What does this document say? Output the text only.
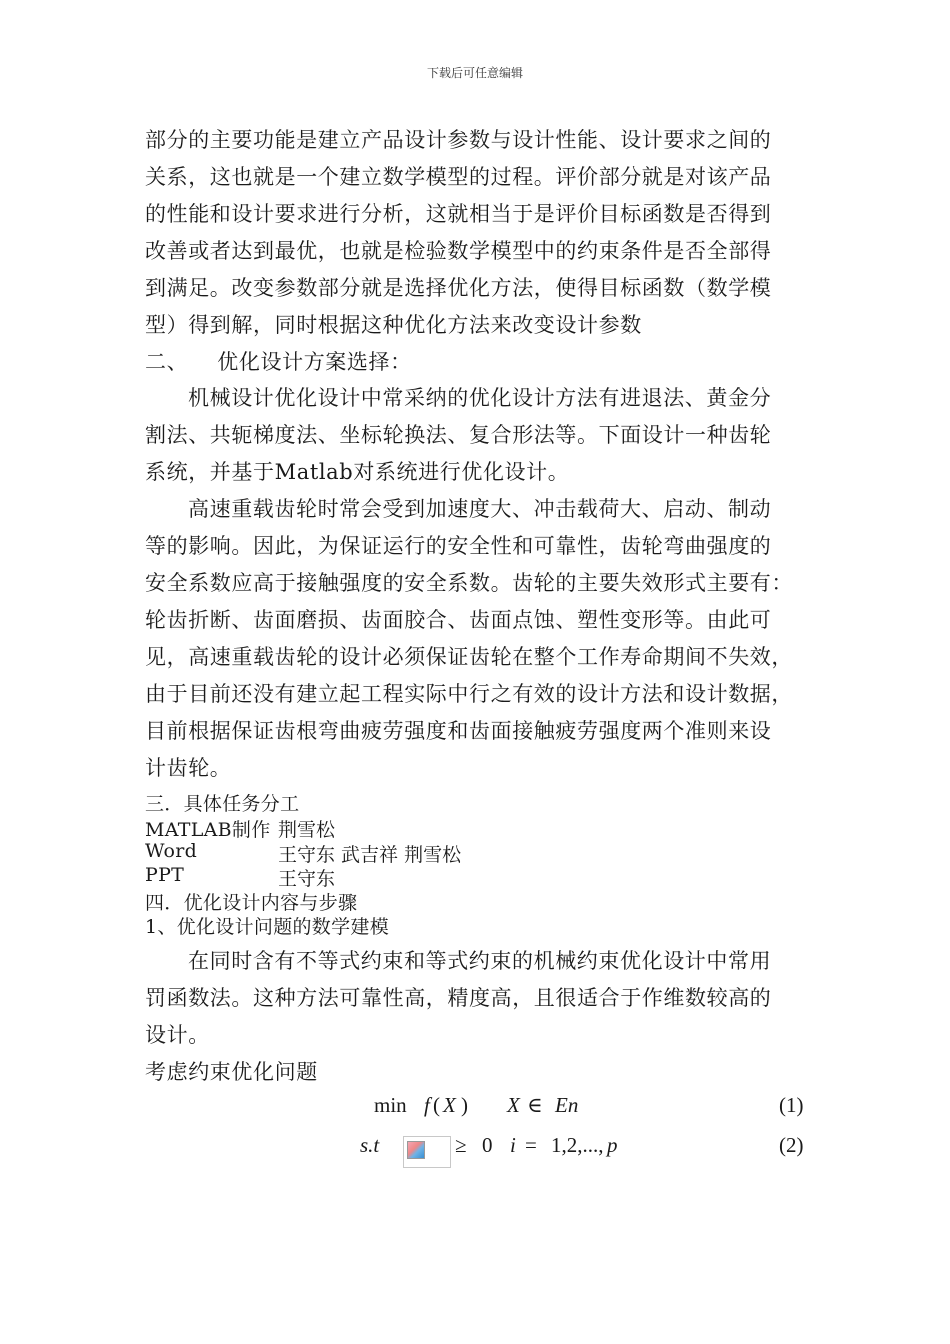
下载后可任意编辑
部分的主要功能是建立产品设计参数与设计性能、设计要求之间的
关系，这也就是一个建立数学模型的过程。评价部分就是对该产品
的性能和设计要求进行分析，这就相当于是评价目标函数是否得到
改善或者达到最优，也就是检验数学模型中的约束条件是否全部得
到满足。改变参数部分就是选择优化方法，使得目标函数（数学模
型）得到解，同时根据这种优化方法来改变设计参数
二、    优化设计方案选择：
机械设计优化设计中常采纳的优化设计方法有进退法、黄金分
割法、共轭梯度法、坐标轮换法、复合形法等。下面设计一种齿轮
系统，并基于Matlab对系统进行优化设计。
高速重载齿轮时常会受到加速度大、冲击载荷大、启动、制动
等的影响。因此，为保证运行的安全性和可靠性，齿轮弯曲强度的
安全系数应高于接触强度的安全系数。齿轮的主要失效形式主要有：
轮齿折断、齿面磨损、齿面胶合、齿面点蚀、塑性变形等。由此可
见，高速重载齿轮的设计必须保证齿轮在整个工作寿命期间不失效，
由于目前还没有建立起工程实际中行之有效的设计方法和设计数据，
目前根据保证齿根弯曲疲劳强度和齿面接触疲劳强度两个准则来设
计齿轮。
三．具体任务分工
MATLAB制作 荆雪松
Word	王守东 武吉祥 荆雪松
PPT	王守东
四．优化设计内容与步骤
1、优化设计问题的数学建模
在同时含有不等式约束和等式约束的机械约束优化设计中常用
罚函数法。这种方法可靠性高，精度高，且很适合于作维数较高的
设计。
考虑约束优化问题
min f ( X ) X ∈ En	(1)
s.t	≥ 0 i = 1,2,..., p	(2)
